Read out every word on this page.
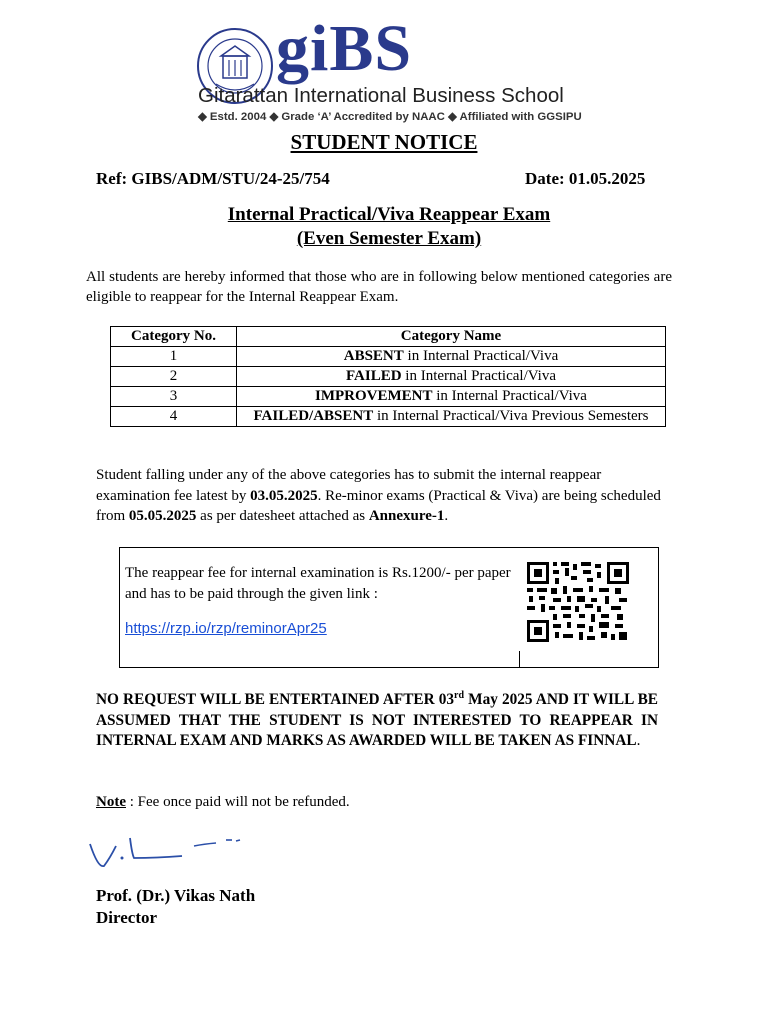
giBS
Gitarattan International Business School
◆ Estd. 2004 ◆ Grade ‘A’ Accredited by NAAC ◆ Affiliated with GGSIPU
STUDENT NOTICE
Ref: GIBS/ADM/STU/24-25/754	Date: 01.05.2025
Internal Practical/Viva Reappear Exam
(Even Semester Exam)
All students are hereby informed that those who are in following below mentioned categories are eligible to reappear for the Internal Reappear Exam.
Category No.	Category Name
1	ABSENT in Internal Practical/Viva
2	FAILED in Internal Practical/Viva
3	IMPROVEMENT in Internal Practical/Viva
4	FAILED/ABSENT in Internal Practical/Viva Previous Semesters
Student falling under any of the above categories has to submit the internal reappear examination fee latest by 03.05.2025. Re-minor exams (Practical & Viva) are being scheduled from 05.05.2025 as per datesheet attached as Annexure-1.
The reappear fee for internal examination is Rs.1200/- per paper and has to be paid through the given link :
https://rzp.io/rzp/reminorApr25
NO REQUEST WILL BE ENTERTAINED AFTER 03rd May 2025 AND IT WILL BE ASSUMED THAT THE STUDENT IS NOT INTERESTED TO REAPPEAR IN INTERNAL EXAM AND MARKS AS AWARDED WILL BE TAKEN AS FINNAL.
Note : Fee once paid will not be refunded.
Prof. (Dr.) Vikas Nath
Director
